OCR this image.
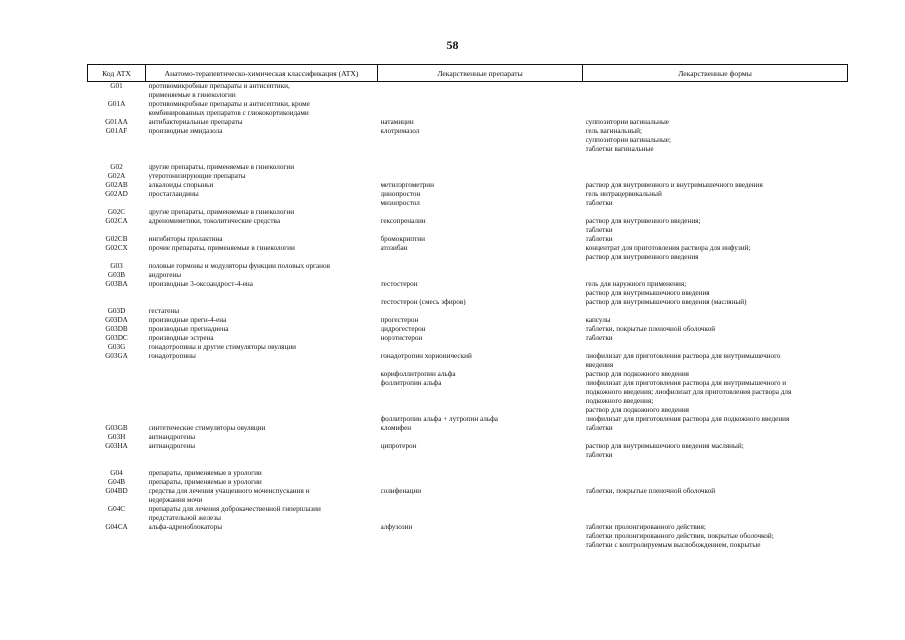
58
Код ATX	Анатомо-терапевтическо-химическая классификация (ATX)	Лекарственные препараты	Лекарственные формы

G01	противомикробные препараты и антисептики,
применяемые в гинекологии		

G01A	противомикробные препараты и антисептики, кроме
комбинированных препаратов с глюкокортикоидами		

G01AA	антибактериальные препараты	натамицин	суппозитории вагинальные

G01AF	производные имидазола	клотримазол	гель вагинальный;
суппозитории вагинальные;
таблетки вагинальные

G02	другие препараты, применяемые в гинекологии		

G02A	утеротонизирующие препараты		

G02AB	алкалоиды спорыньи	метилэргометрин	раствор для внутривенного и внутримышечного введения

G02AD	простагландины	динопростон	гель интрацервикальный

		мизопростол	таблетки

G02C	другие препараты, применяемые в гинекологии		

G02CA	адреномиметики, токолитические средства	гексопреналин	раствор для внутривенного введения;
таблетки

G02CB	ингибиторы пролактина	бромокриптин	таблетки

G02CX	прочие препараты, применяемые в гинекологии	атозибан	концентрат для приготовления раствора для инфузий;
раствор для внутривенного введения

G03	половые гормоны и модуляторы функции половых органов		

G03B	андрогены		

G03BA	производные 3-оксоандрост-4-ена	тестостерон	гель для наружного применения;
раствор для внутримышечного введения

		тестостерон (смесь эфиров)	раствор для внутримышечного введения (масляный)

G03D	гестагены		

G03DA	производные прегн-4-ена	прогестерон	капсулы

G03DB	производные прегнадиена	дидрогестерон	таблетки, покрытые пленочной оболочкой

G03DC	производные эстрена	норэтистерон	таблетки

G03G	гонадотропины и другие стимуляторы овуляции		

G03GA	гонадотропины	гонадотропин хорионический	лиофилизат для приготовления раствора для внутримышечного
введения

		корифоллитропин альфа	раствор для подкожного введения

		фоллитропин альфа	лиофилизат для приготовления раствора для внутримышечного и
подкожного введения; лиофилизат для приготовления раствора для
подкожного введения;
раствор для подкожного введения

		фоллитропин альфа + лутропин альфа	лиофилизат для приготовления раствора для подкожного введения

G03GB	синтетические стимуляторы овуляции	кломифен	таблетки

G03H	антиандрогены		

G03HA	антиандрогены	ципротерон	раствор для внутримышечного введения масляный;
таблетки

G04	препараты, применяемые в урологии		

G04B	препараты, применяемые в урологии		

G04BD	средства для лечения учащенного мочеиспускания и
недержания мочи	солифенацин	таблетки, покрытые пленочной оболочкой

G04C	препараты для лечения доброкачественной гиперплазии
предстательной железы		

G04CA	альфа-адреноблокаторы	алфузозин	таблетки пролонгированного действия;
таблетки пролонгированного действия, покрытые оболочкой;
таблетки с контролируемым высвобождением, покрытые
